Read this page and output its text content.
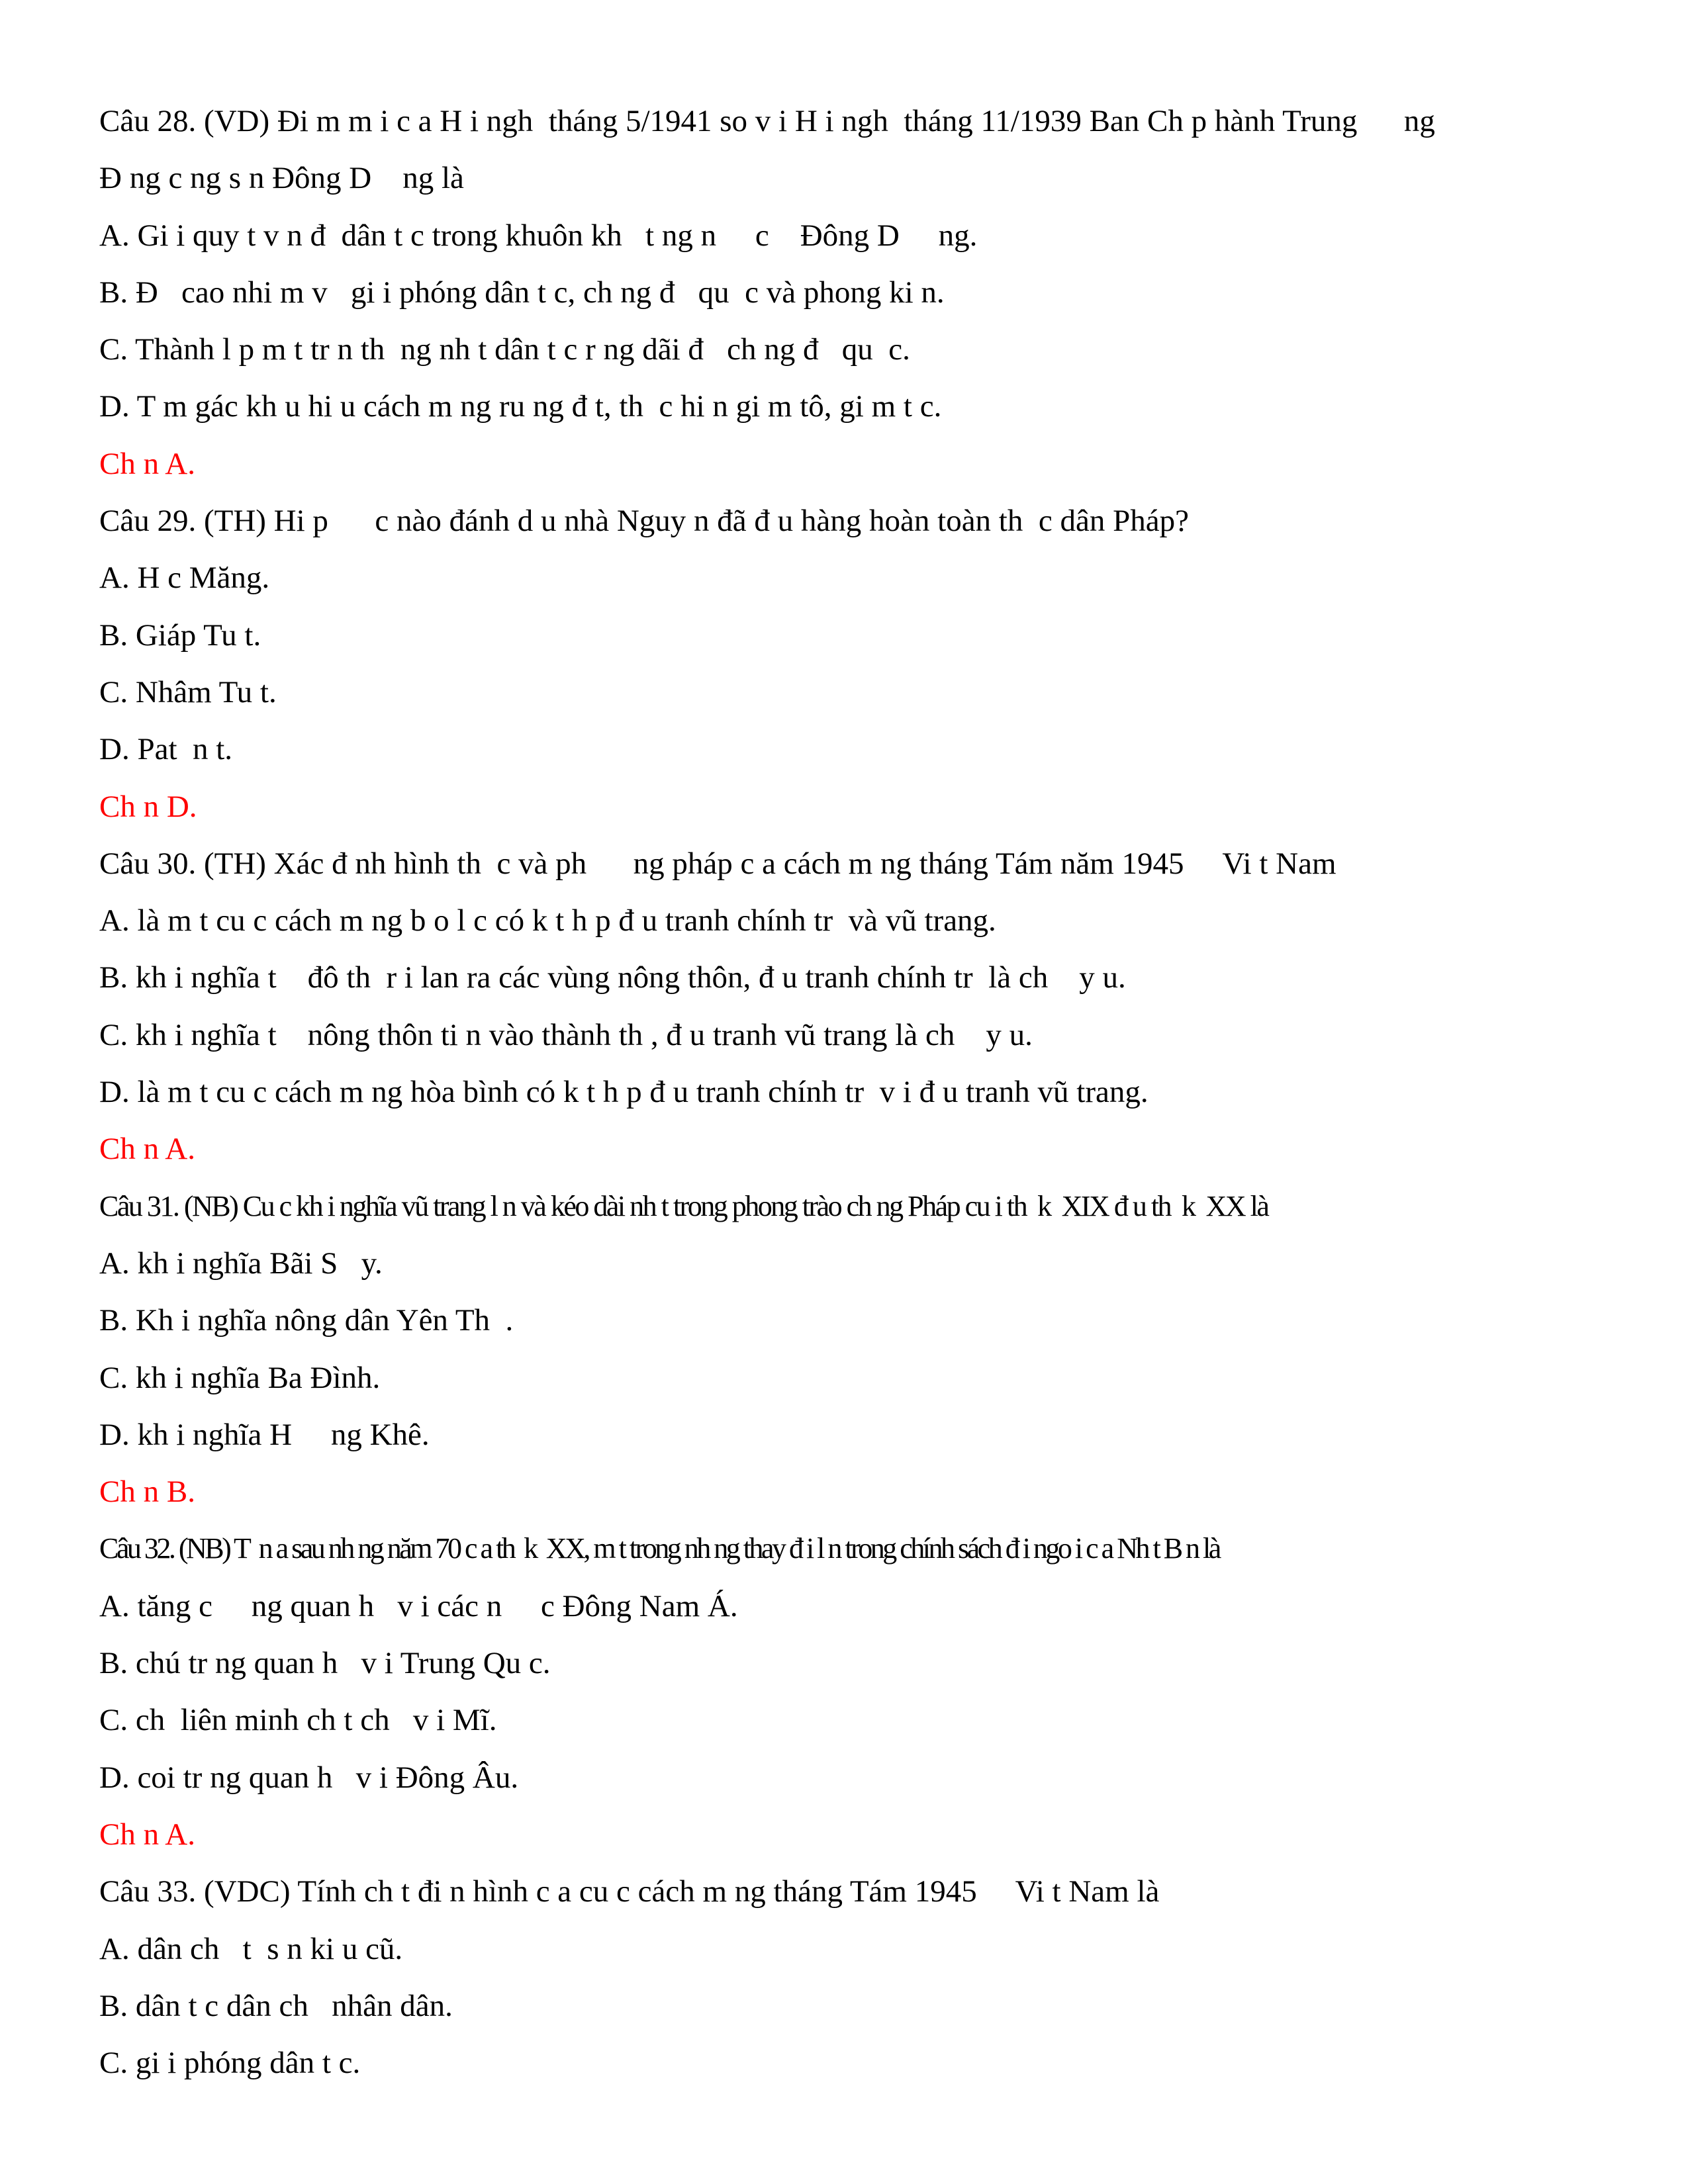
Câu 28. (VD) Đi m m i c a H i ngh  tháng 5/1941 so v i H i ngh  tháng 11/1939 Ban Ch p hành Trung      ng
Đ ng c ng s n Đông D    ng là
A. Gi i quy t v n đ  dân t c trong khuôn kh   t ng n     c    Đông D     ng.
B. Đ   cao nhi m v   gi i phóng dân t c, ch ng đ   qu  c và phong ki n.
C. Thành l p m t tr n th  ng nh t dân t c r ng dãi đ   ch ng đ   qu  c.
D. T m gác kh u hi u cách m ng ru ng đ t, th  c hi n gi m tô, gi m t c.
Ch n A.
Câu 29. (TH) Hi p      c nào đánh d u nhà Nguy n đã đ u hàng hoàn toàn th  c dân Pháp?
A. H c Măng.
B. Giáp Tu t.
C. Nhâm Tu t.
D. Pat  n t.
Ch n D.
Câu 30. (TH) Xác đ nh hình th  c và ph      ng pháp c a cách m ng tháng Tám năm 1945     Vi t Nam
A. là m t cu c cách m ng b o l c có k t h p đ u tranh chính tr  và vũ trang.
B. kh i nghĩa t    đô th  r i lan ra các vùng nông thôn, đ u tranh chính tr  là ch    y u.
C. kh i nghĩa t    nông thôn ti n vào thành th , đ u tranh vũ trang là ch    y u.
D. là m t cu c cách m ng hòa bình có k t h p đ u tranh chính tr  v i đ u tranh vũ trang.
Ch n A.
Câu 31. (NB) Cu c kh i nghĩa vũ trang l n và kéo dài nh t trong phong trào ch ng Pháp cu i th  k  XIX đ u th  k  XX là
A. kh i nghĩa Bãi S   y.
B. Kh i nghĩa nông dân Yên Th  .
C. kh i nghĩa Ba Đình.
D. kh i nghĩa H     ng Khê.
Ch n B.
Câu 32. (NB) T  n a sau nh ng năm 70 c a th  k  XX, m t trong nh ng thay đ i l n trong chính sách đ i ngo i c a Nh t B n là
A. tăng c     ng quan h   v i các n     c Đông Nam Á.
B. chú tr ng quan h   v i Trung Qu c.
C. ch  liên minh ch t ch   v i Mĩ.
D. coi tr ng quan h   v i Đông Âu.
Ch n A.
Câu 33. (VDC) Tính ch t đi n hình c a cu c cách m ng tháng Tám 1945     Vi t Nam là
A. dân ch   t  s n ki u cũ.
B. dân t c dân ch   nhân dân.
C. gi i phóng dân t c.
